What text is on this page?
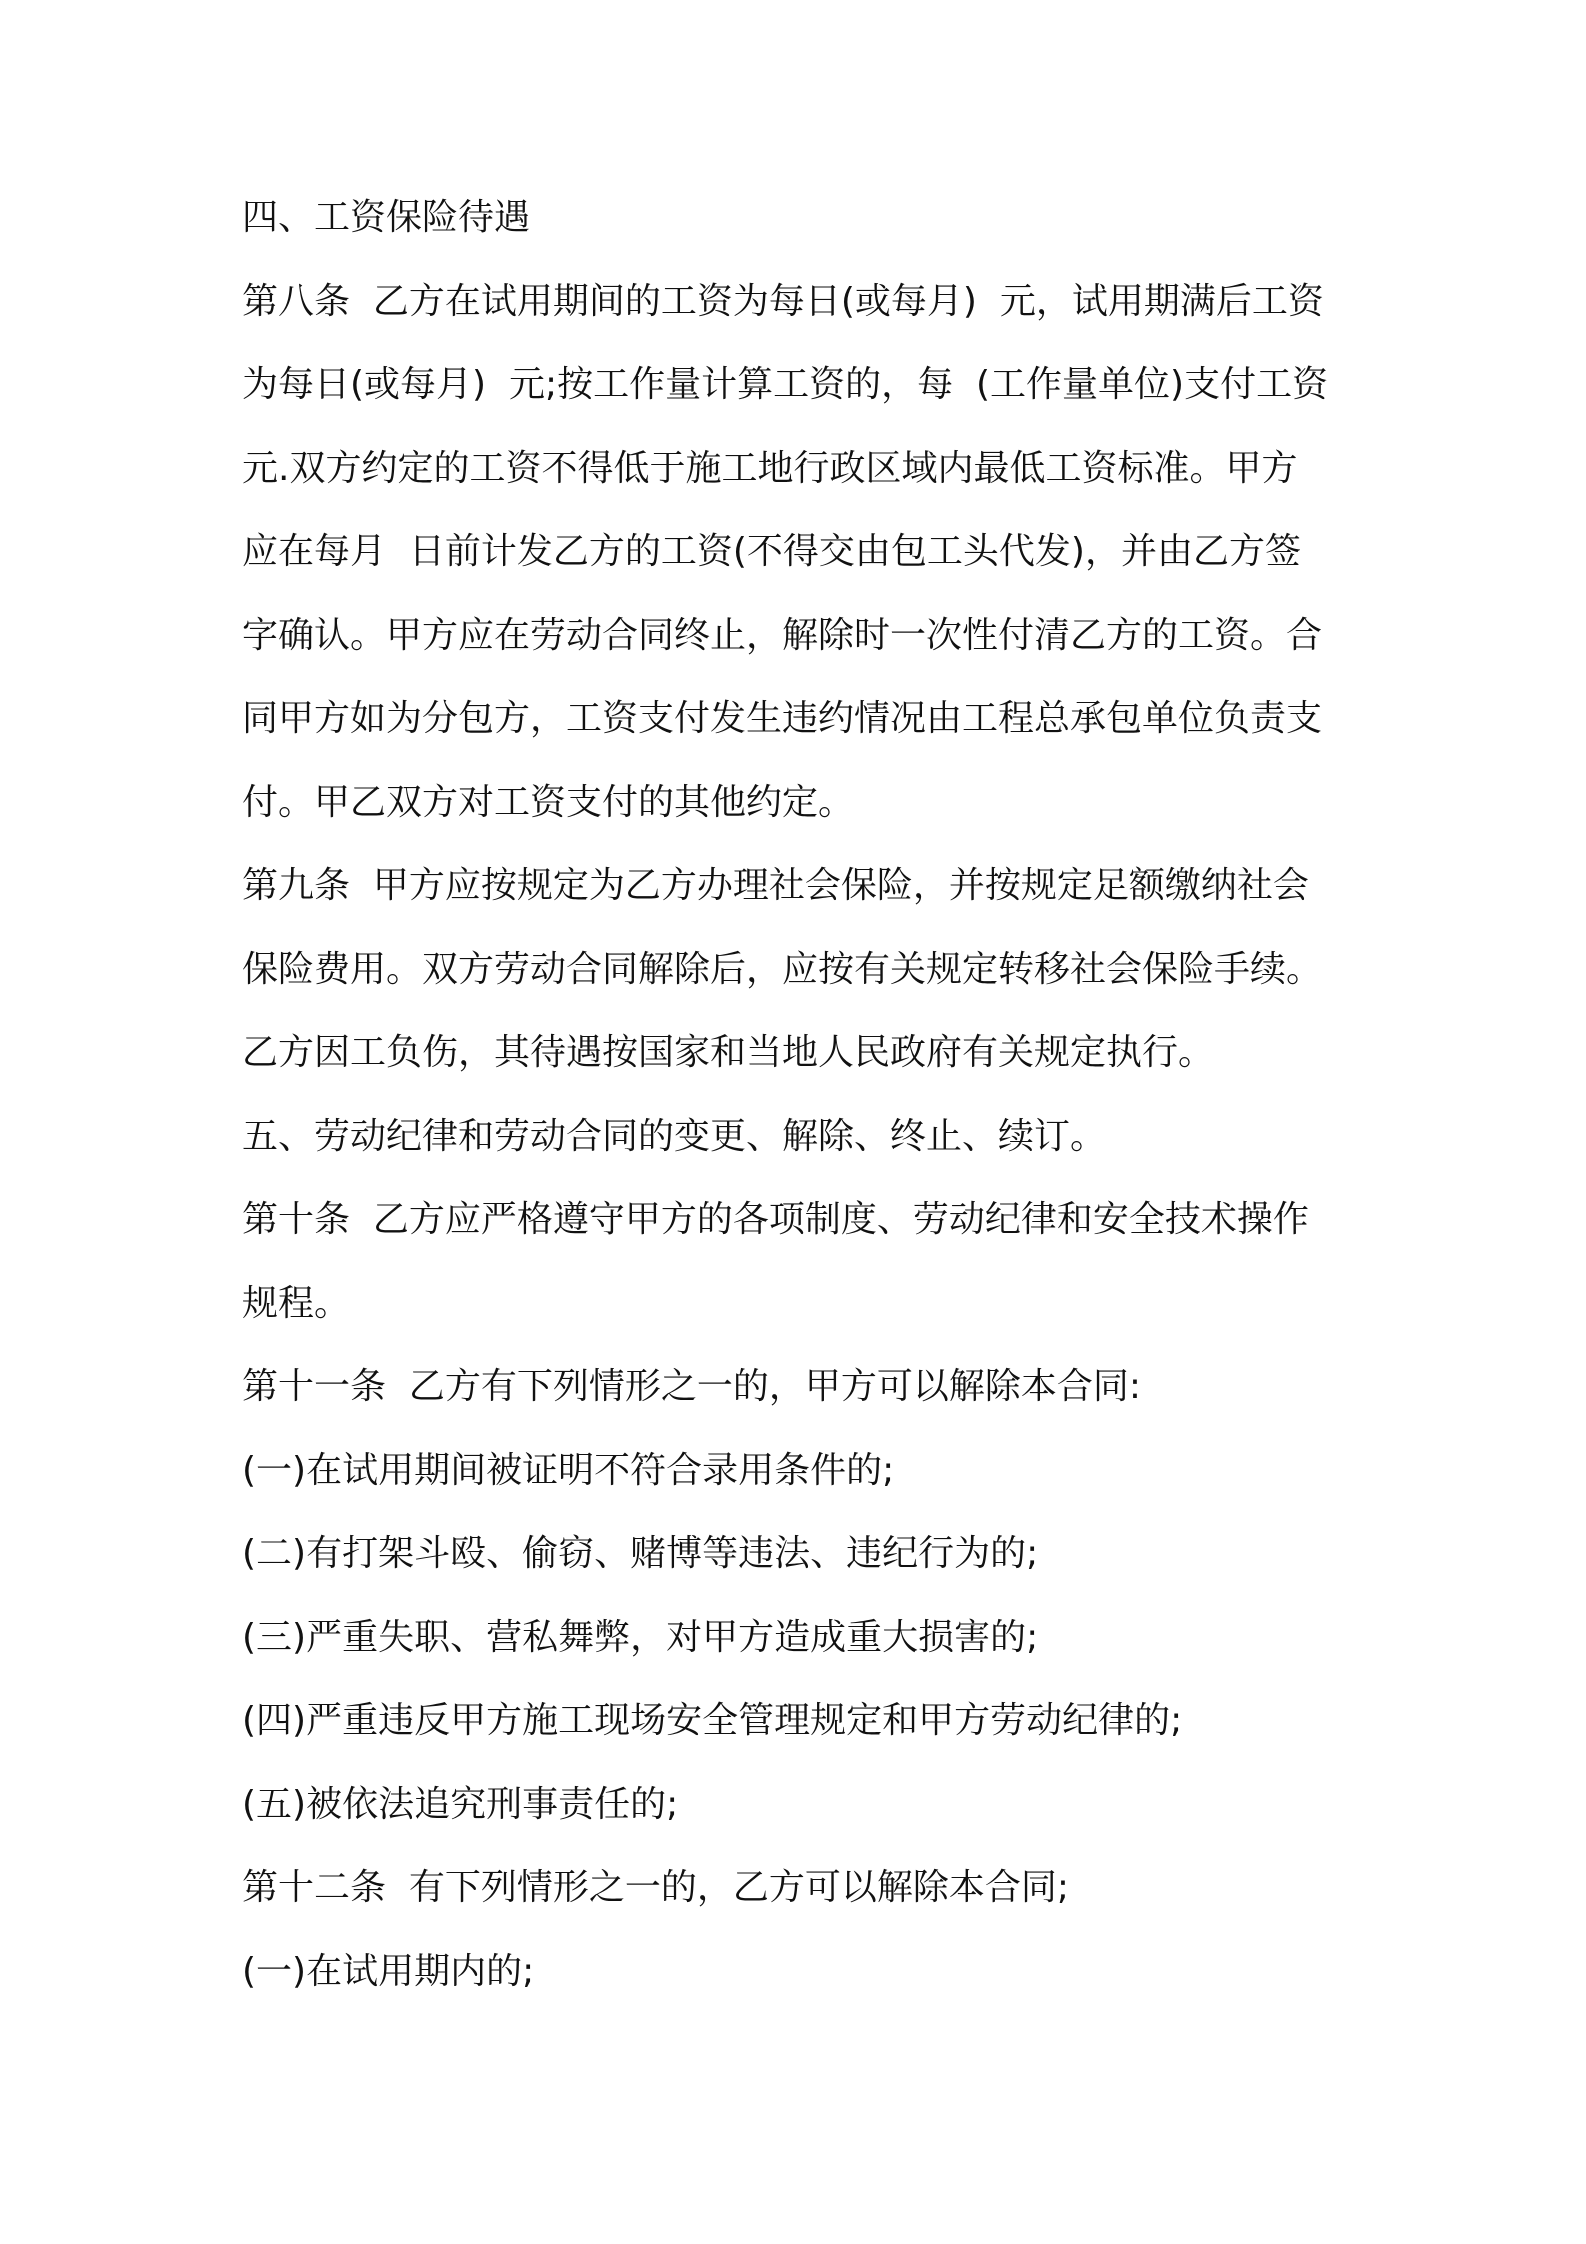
四、工资保险待遇
第八条  乙方在试用期间的工资为每日(或每月)  元，试用期满后工资
为每日(或每月)  元;按工作量计算工资的，每  (工作量单位)支付工资
元.双方约定的工资不得低于施工地行政区域内最低工资标准。甲方
应在每月  日前计发乙方的工资(不得交由包工头代发)，并由乙方签
字确认。甲方应在劳动合同终止，解除时一次性付清乙方的工资。合
同甲方如为分包方，工资支付发生违约情况由工程总承包单位负责支
付。甲乙双方对工资支付的其他约定。
第九条  甲方应按规定为乙方办理社会保险，并按规定足额缴纳社会
保险费用。双方劳动合同解除后，应按有关规定转移社会保险手续。
乙方因工负伤，其待遇按国家和当地人民政府有关规定执行。
五、劳动纪律和劳动合同的变更、解除、终止、续订。
第十条  乙方应严格遵守甲方的各项制度、劳动纪律和安全技术操作
规程。
第十一条  乙方有下列情形之一的，甲方可以解除本合同:
(一)在试用期间被证明不符合录用条件的;
(二)有打架斗殴、偷窃、赌博等违法、违纪行为的;
(三)严重失职、营私舞弊，对甲方造成重大损害的;
(四)严重违反甲方施工现场安全管理规定和甲方劳动纪律的;
(五)被依法追究刑事责任的;
第十二条  有下列情形之一的，乙方可以解除本合同;
(一)在试用期内的;
